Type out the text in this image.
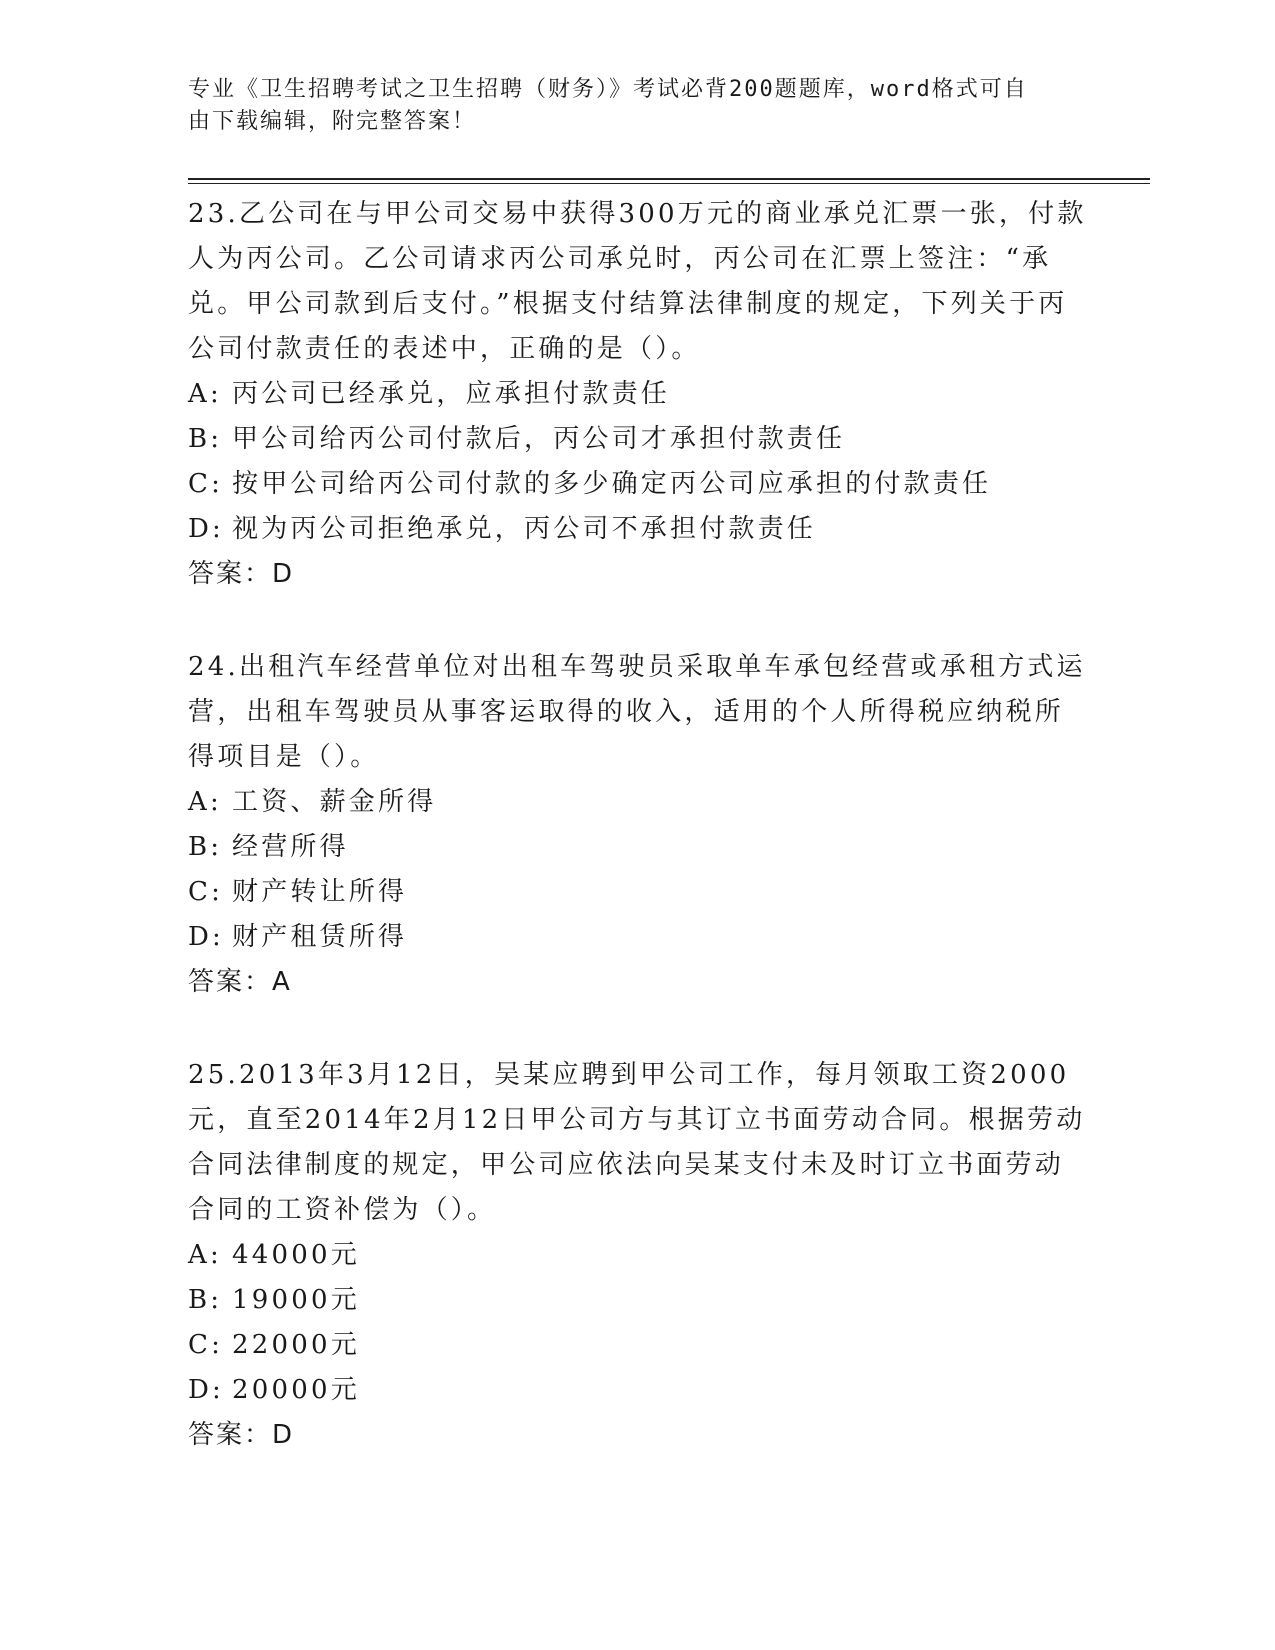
专业《卫生招聘考试之卫生招聘（财务）》考试必背200题题库，word格式可自
由下载编辑，附完整答案！

23.乙公司在与甲公司交易中获得300万元的商业承兑汇票一张，付款人为丙公司。乙公司请求丙公司承兑时，丙公司在汇票上签注：“承兑。甲公司款到后支付。”根据支付结算法律制度的规定，下列关于丙公司付款责任的表述中，正确的是（）。

A: 丙公司已经承兑，应承担付款责任

B: 甲公司给丙公司付款后，丙公司才承担付款责任

C: 按甲公司给丙公司付款的多少确定丙公司应承担的付款责任

D: 视为丙公司拒绝承兑，丙公司不承担付款责任

答案：D

24.出租汽车经营单位对出租车驾驶员采取单车承包经营或承租方式运营，出租车驾驶员从事客运取得的收入，适用的个人所得税应纳税所得项目是（）。

A: 工资、薪金所得

B: 经营所得

C: 财产转让所得

D: 财产租赁所得

答案：A

25.2013年3月12日，吴某应聘到甲公司工作，每月领取工资2000元，直至2014年2月12日甲公司方与其订立书面劳动合同。根据劳动合同法律制度的规定，甲公司应依法向吴某支付未及时订立书面劳动合同的工资补偿为（）。

A: 44000元

B: 19000元

C: 22000元

D: 20000元

答案：D
